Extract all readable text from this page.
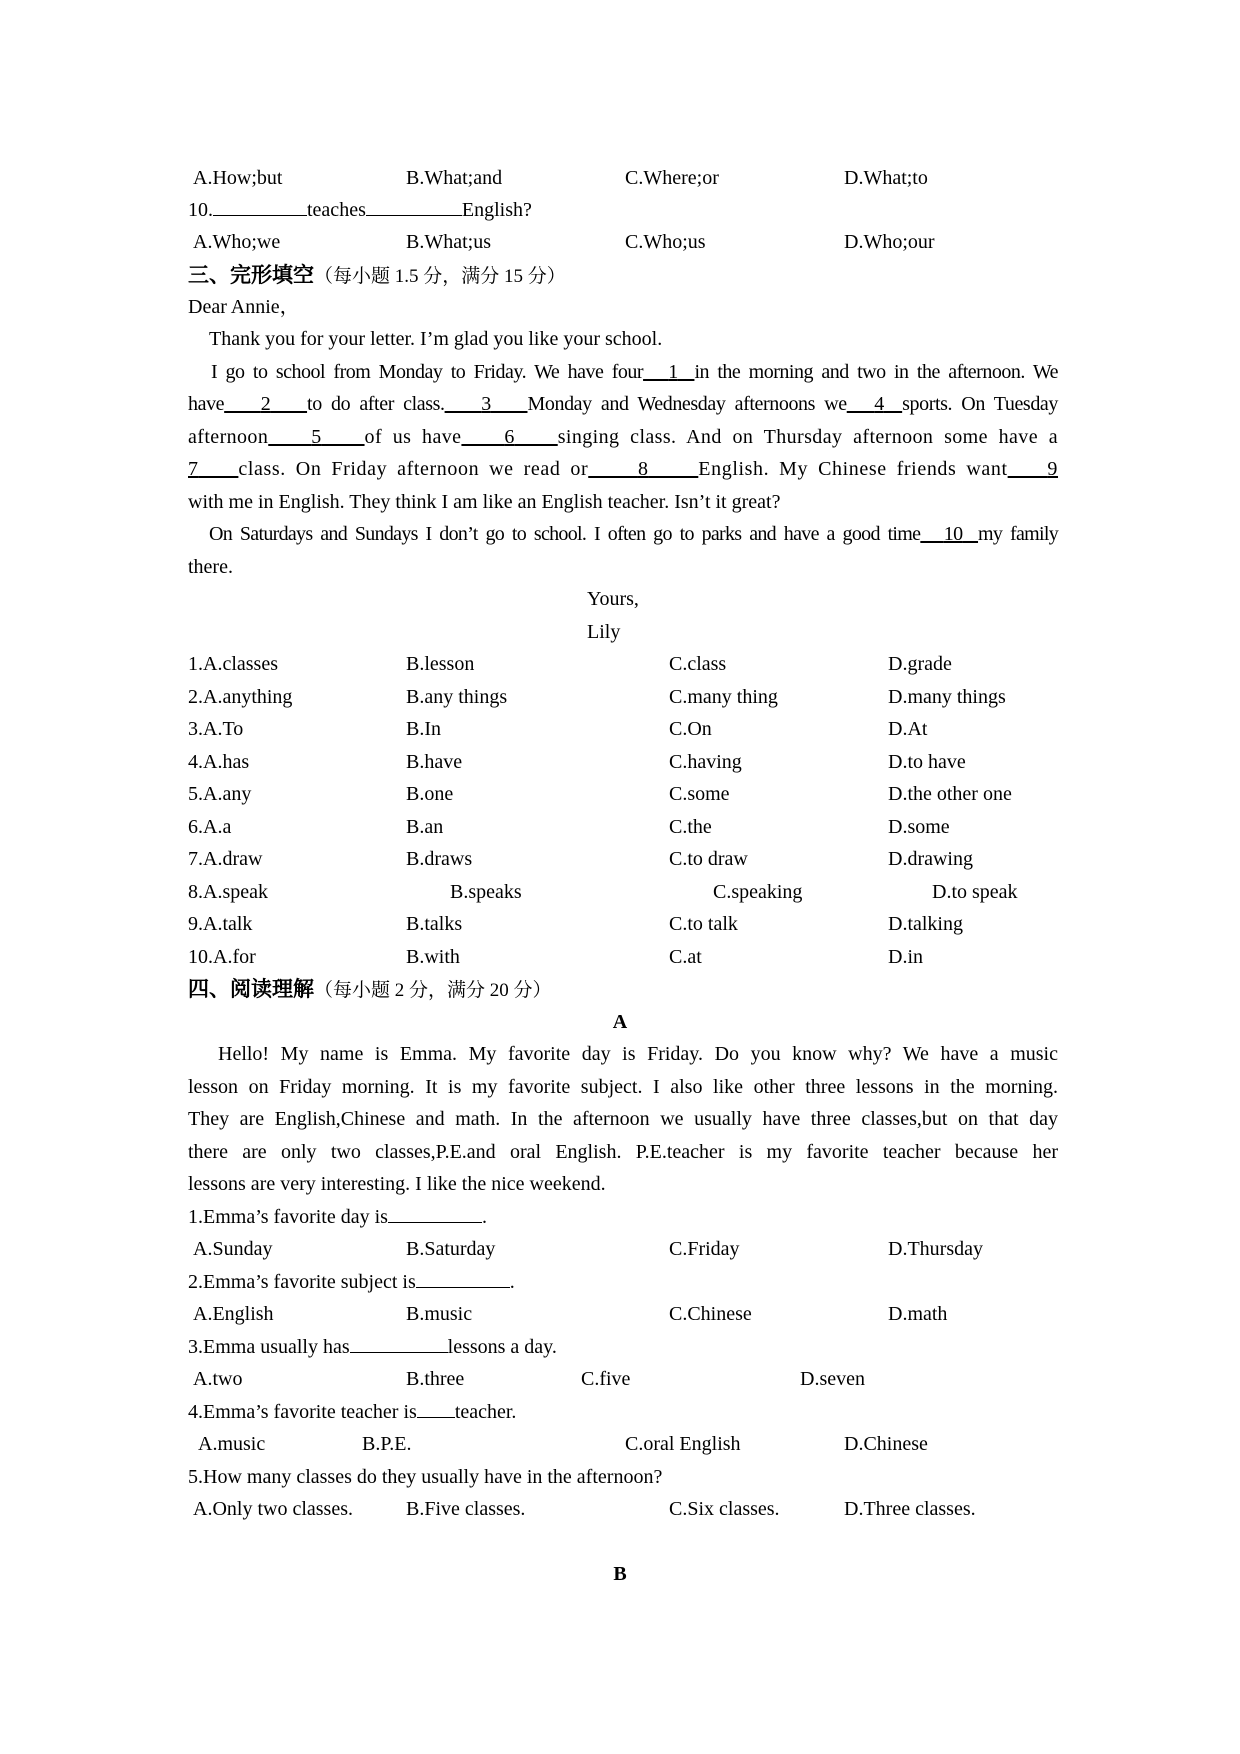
A.How;but	B.What;and	C.Where;or	D.What;to
10.	teaches	English?
A.Who;we	B.What;us	C.Who;us	D.Who;our
三、完形填空（每小题 1.5 分，满分 15 分）
Dear Annie，
Thank you for your letter. I’m glad you like your school.
I go to school from Monday to Friday. We have four 1 in the morning and two in the afternoon. We
have 2 to do after class. 3 Monday and Wednesday afternoons we 4 sports. On Tuesday
afternoon 5 of us have 6 singing class. And on Thursday afternoon some have a
7 class. On Friday afternoon we read or 8 English. My Chinese friends want 9
with me in English. They think I am like an English teacher. Isn’t it great?
On Saturdays and Sundays I don’t go to school. I often go to parks and have a good time 10 my family
there.
Yours,
Lily
1.A.classes	B.lesson	C.class	D.grade
2.A.anything	B.any things	C.many thing	D.many things
3.A.To	B.In	C.On	D.At
4.A.has	B.have	C.having	D.to have
5.A.any	B.one	C.some	D.the other one
6.A.a	B.an	C.the	D.some
7.A.draw	B.draws	C.to draw	D.drawing
8.A.speak	B.speaks	C.speaking	D.to speak
9.A.talk	B.talks	C.to talk	D.talking
10.A.for	B.with	C.at	D.in
四、阅读理解（每小题 2 分，满分 20 分）
A
Hello! My name is Emma. My favorite day is Friday. Do you know why? We have a music
lesson on Friday morning. It is my favorite subject. I also like other three lessons in the morning.
They are English,Chinese and math. In the afternoon we usually have three classes,but on that day
there are only two classes,P.E.and oral English. P.E.teacher is my favorite teacher because her
lessons are very interesting. I like the nice weekend.
1.Emma’s favorite day is	.
A.Sunday	B.Saturday	C.Friday	D.Thursday
2.Emma’s favorite subject is	.
A.English	B.music	C.Chinese	D.math
3.Emma usually has	lessons a day.
A.two	B.three	C.five	D.seven
4.Emma’s favorite teacher is teacher.
A.music	B.P.E.	C.oral English	D.Chinese
5.How many classes do they usually have in the afternoon?
A.Only two classes.	B.Five classes.	C.Six classes.	D.Three classes.
B
